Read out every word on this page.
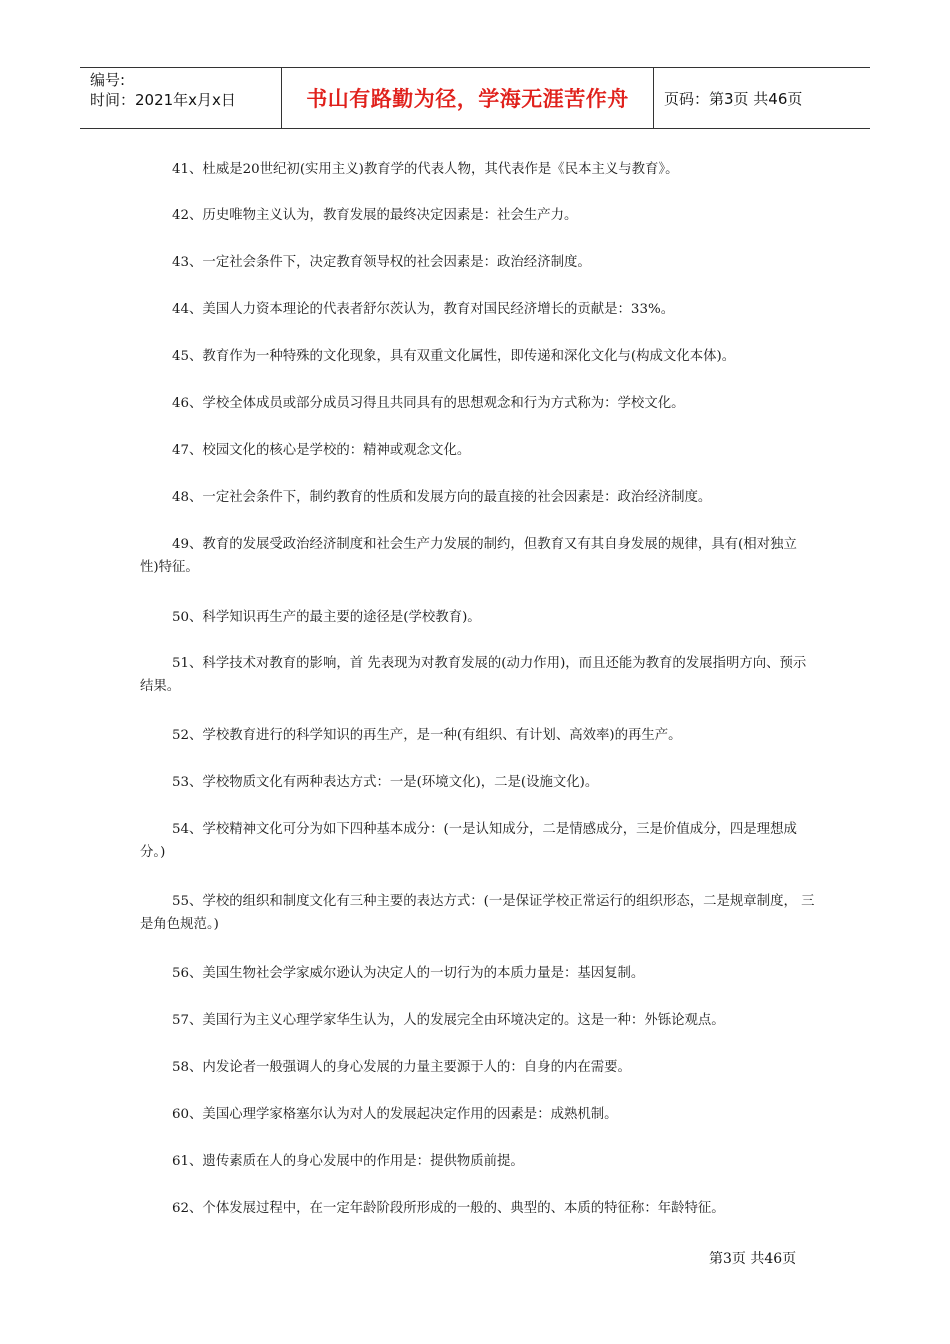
编号:
时间：2021年x月x日	书山有路勤为径，学海无涯苦作舟 页码：第3页 共46页

41、杜威是20世纪初(实用主义)教育学的代表人物，其代表作是《民本主义与教育》。

42、历史唯物主义认为，教育发展的最终决定因素是：社会生产力。

43、一定社会条件下，决定教育领导权的社会因素是：政治经济制度。

44、美国人力资本理论的代表者舒尔茨认为，教育对国民经济增长的贡献是：33%。

45、教育作为一种特殊的文化现象，具有双重文化属性，即传递和深化文化与(构成文化本体)。

46、学校全体成员或部分成员习得且共同具有的思想观念和行为方式称为：学校文化。

47、校园文化的核心是学校的：精神或观念文化。

48、一定社会条件下，制约教育的性质和发展方向的最直接的社会因素是：政治经济制度。

49、教育的发展受政治经济制度和社会生产力发展的制约，但教育又有其自身发展的规律，具有(相对独立性)特征。

50、科学知识再生产的最主要的途径是(学校教育)。

51、科学技术对教育的影响，首 先表现为对教育发展的(动力作用)，而且还能为教育的发展指明方向、预示结果。

52、学校教育进行的科学知识的再生产，是一种(有组织、有计划、高效率)的再生产。

53、学校物质文化有两种表达方式：一是(环境文化)，二是(设施文化)。

54、学校精神文化可分为如下四种基本成分：(一是认知成分，二是情感成分，三是价值成分，四是理想成分。)

55、学校的组织和制度文化有三种主要的表达方式：(一是保证学校正常运行的组织形态，二是规章制度， 三是角色规范。)

56、美国生物社会学家威尔逊认为决定人的一切行为的本质力量是：基因复制。

57、美国行为主义心理学家华生认为，人的发展完全由环境决定的。这是一种：外铄论观点。

58、内发论者一般强调人的身心发展的力量主要源于人的：自身的内在需要。

60、美国心理学家格塞尔认为对人的发展起决定作用的因素是：成熟机制。

61、遗传素质在人的身心发展中的作用是：提供物质前提。

62、个体发展过程中，在一定年龄阶段所形成的一般的、典型的、本质的特征称：年龄特征。

第3页 共46页
